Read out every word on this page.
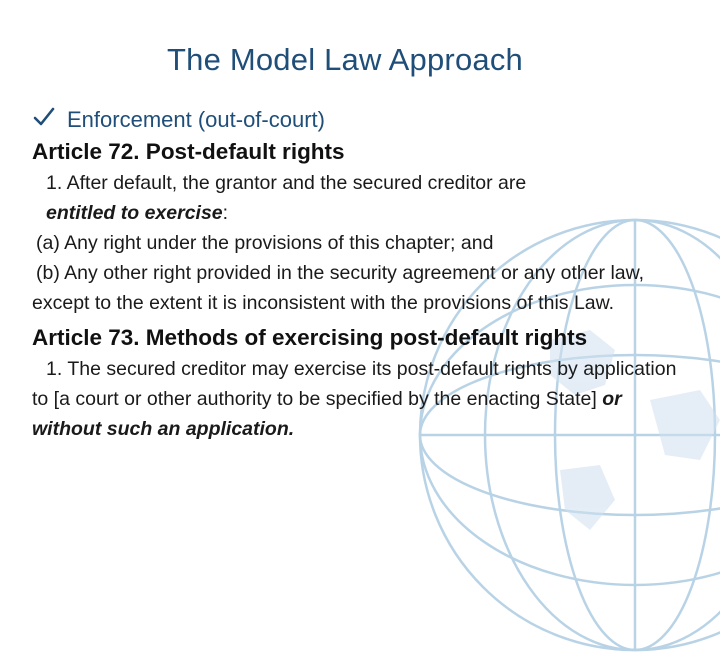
The Model Law Approach
Enforcement (out-of-court)
Article 72. Post-default rights
1. After default, the grantor and the secured creditor are
entitled to exercise:
(a) Any right under the provisions of this chapter; and
(b) Any other right provided in the security agreement or any other law, except to the extent it is inconsistent with the provisions of this Law.
Article 73. Methods of exercising post-default rights
1. The secured creditor may exercise its post-default rights by application to [a court or other authority to be specified by the enacting State] or without such an application.
